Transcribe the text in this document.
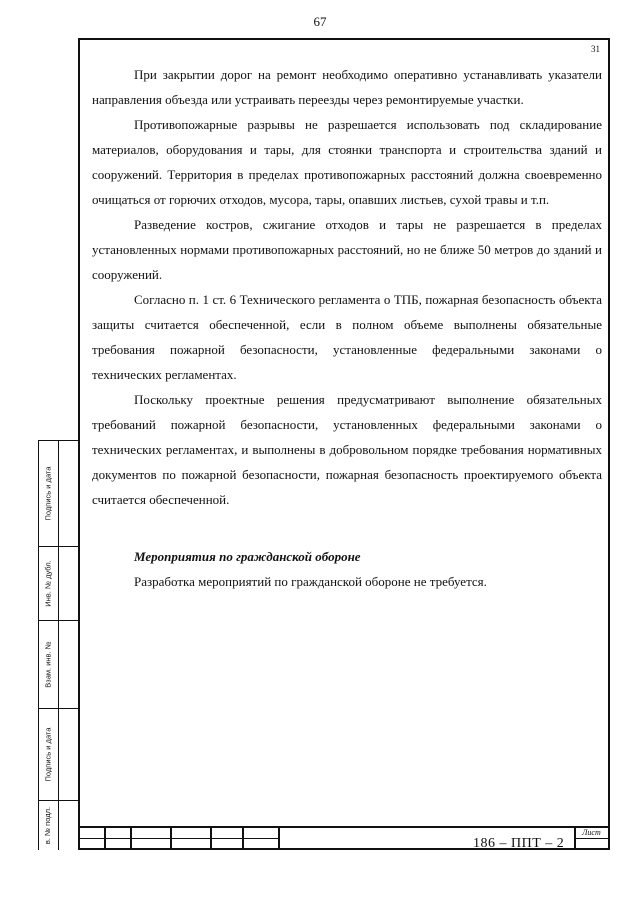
67
31

При закрытии дорог на ремонт необходимо оперативно устанавливать указатели направления объезда или устраивать переезды через ремонтируемые участки.

Противопожарные разрывы не разрешается использовать под складирование материалов, оборудования и тары, для стоянки транспорта и строительства зданий и сооружений. Территория в пределах противопожарных расстояний должна своевременно очищаться от горючих отходов, мусора, тары, опавших листьев, сухой травы и т.п.

Разведение костров, сжигание отходов и тары не разрешается в пределах установленных нормами противопожарных расстояний, но не ближе 50 метров до зданий и сооружений.

Согласно п. 1 ст. 6 Технического регламента о ТПБ, пожарная безопасность объекта защиты считается обеспеченной, если в полном объеме выполнены обязательные требования пожарной безопасности, установленные федеральными законами о технических регламентах.

Поскольку проектные решения предусматривают выполнение обязательных требований пожарной безопасности, установленных федеральными законами о технических регламентах, и выполнены в добровольном порядке требования нормативных документов по пожарной безопасности, пожарная безопасность проектируемого объекта считается обеспеченной.

Мероприятия по гражданской обороне

Разработка мероприятий по гражданской обороне не требуется.

Подпись и дата
Инв. № дубл.
Взам. инв. №
Подпись и дата
в. № подл.	Лист
186 – ППТ – 2
